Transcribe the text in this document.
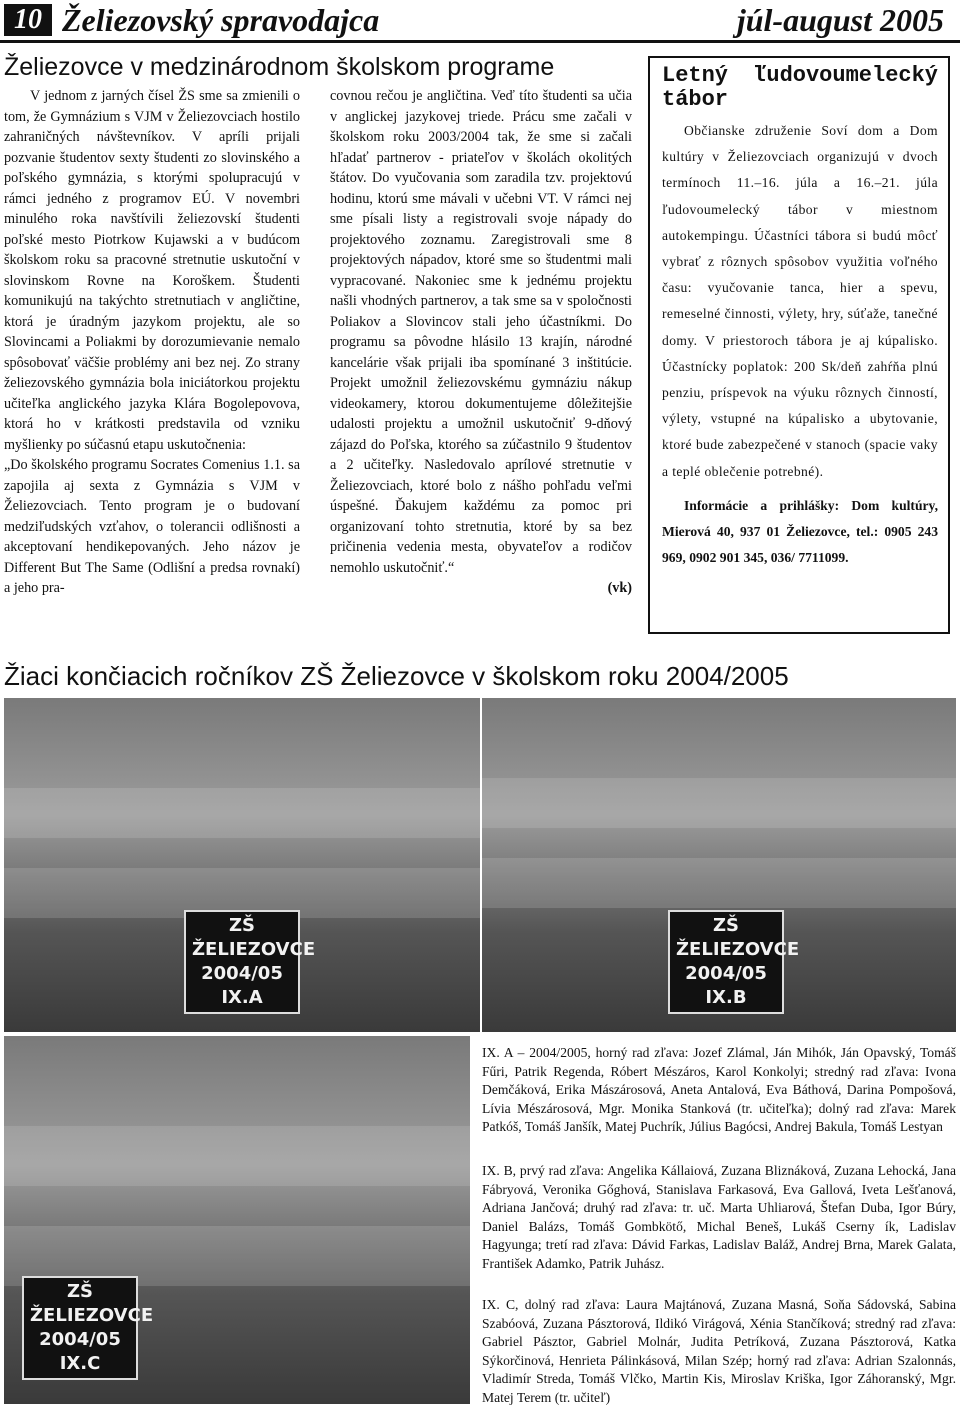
10 Želiezovský spravodajca	júl-august 2005
Želiezovce v medzinárodnom školskom programe

V jednom z jarných čísel ŽS sme sa zmienili o tom, že Gymnázium s VJM v Želiezovciach hostilo zahraničných návštevníkov. V apríli prijali pozvanie študentov sexty študenti zo slovinského a poľského gymnázia, s ktorými spolupracujú v rámci jedného z programov EÚ. V novembri minulého roka navštívili želiezovskí študenti poľské mesto Piotrkow Kujawski a v budúcom školskom roku sa pracovné stretnutie uskutoční v slovinskom Rovne na Koroškem. Študenti komunikujú na takýchto stretnutiach v angličtine, ktorá je úradným jazykom projektu, ale so Slovincami a Poliakmi by dorozumievanie nemalo spôsobovať väčšie problémy ani bez nej. Zo strany želiezovského gymnázia bola iniciátorkou projektu učiteľka anglického jazyka Klára Bogolepovova, ktorá ho v krátkosti predstavila od vzniku myšlienky po súčasnú etapu uskutočnenia:

„Do školského programu Socrates Comenius 1.1. sa zapojila aj sexta z Gymnázia s VJM v Želiezovciach. Tento program je o budovaní medziľudských vzťahov, o tolerancii odlišnosti a akceptovaní hendikepovaných. Jeho názov je Different But The Same (Odlišní a predsa rovnakí) a jeho pra-

covnou rečou je angličtina. Veď títo študenti sa učia v anglickej jazykovej triede. Prácu sme začali v školskom roku 2003/2004 tak, že sme si začali hľadať partnerov - priateľov v školách okolitých štátov. Do vyučovania som zaradila tzv. projektovú hodinu, ktorú sme mávali v učebni VT. V rámci nej sme písali listy a registrovali svoje nápady do projektového zoznamu. Zaregistrovali sme 8 projektových nápadov, ktoré sme so študentmi mali vypracované. Nakoniec sme k jednému projektu našli vhodných partnerov, a tak sme sa v spoločnosti Poliakov a Slovincov stali jeho účastníkmi. Do programu sa pôvodne hlásilo 13 krajín, národné kancelárie však prijali iba spomínané 3 inštitúcie. Projekt umožnil želiezovskému gymnáziu nákup videokamery, ktorou dokumentujeme dôležitejšie udalosti projektu a umožnil uskutočniť 9-dňový zájazd do Poľska, ktorého sa zúčastnilo 9 študentov a 2 učiteľky. Nasledovalo aprílové stretnutie v Želiezovciach, ktoré bolo z nášho pohľadu veľmi úspešné. Ďakujem každému za pomoc pri organizovaní tohto stretnutia, ktoré by sa bez pričinenia vedenia mesta, obyvateľov a rodičov nemohlo uskutočniť.“

(vk)

Letný ľudovoumelecký
tábor

Občianske združenie Soví dom a Dom kultúry v Želiezovciach organizujú v dvoch termínoch 11.–16. júla a 16.–21. júla ľudovoumelecký tábor v miestnom autokempingu. Účastníci tábora si budú môcť vybrať z rôznych spôsobov využitia voľného času: vyučovanie tanca, hier a spevu, remeselné činnosti, výlety, hry, súťaže, tanečné domy. V priestoroch tábora je aj kúpalisko. Účastnícky poplatok: 200 Sk/deň zahŕňa plnú penziu, príspevok na výuku rôznych činností, výlety, vstupné na kúpalisko a ubytovanie, ktoré bude zabezpečené v stanoch (spacie vaky a teplé oblečenie potrebné).

Informácie a prihlášky: Dom kultúry, Mierová 40, 937 01 Želiezovce, tel.: 0905 243 969, 0902 901 345, 036/ 7711099.
Žiaci končiacich ročníkov ZŠ Želiezovce v školskom roku 2004/2005
ZŠ ŽELIEZOVCE 2004/05 IX.A
ZŠ ŽELIEZOVCE 2004/05 IX.B
ZŠ ŽELIEZOVCE 2004/05 IX.C
IX. A – 2004/2005, horný rad zľava: Jozef Zlámal, Ján Mihók, Ján Opavský, Tomáš Fűri, Patrik Regenda, Róbert Mészáros, Karol Konkolyi; stredný rad zľava: Ivona Demčáková, Erika Mászárosová, Aneta Antalová, Eva Báthová, Darina Pompošová, Lívia Mészárosová, Mgr. Monika Stanková (tr. učiteľka); dolný rad zľava: Marek Patkóš, Tomáš Janšík, Matej Puchrík, Július Bagócsi, Andrej Bakula, Tomáš Lestyan
IX. B, prvý rad zľava: Angelika Kállaiová, Zuzana Bliznáková, Zuzana Lehocká, Jana Fábryová, Veronika Gőghová, Stanislava Farkasová, Eva Gallová, Iveta Lešťanová, Adriana Jančová; druhý rad zľava: tr. uč. Marta Uhliarová, Štefan Duba, Igor Búry, Daniel Balázs, Tomáš Gombkötő, Michal Beneš, Lukáš Cserny ík, Ladislav Hagyunga; tretí rad zľava: Dávid Farkas, Ladislav Baláž, Andrej Brna, Marek Galata, František Adamko, Patrik Juhász.
IX. C, dolný rad zľava: Laura Majtánová, Zuzana Masná, Soňa Sádovská, Sabina Szabóová, Zuzana Pásztorová, Ildikó Virágová, Xénia Stančíková; stredný rad zľava: Gabriel Pásztor, Gabriel Molnár, Judita Petríková, Zuzana Pásztorová, Katka Sýkorčinová, Henrieta Pálinkásová, Milan Szép; horný rad zľava: Adrian Szalonnás, Vladimír Streda, Tomáš Vlčko, Martin Kis, Miroslav Kriška, Igor Záhoranský, Mgr. Matej Terem (tr. učiteľ)
